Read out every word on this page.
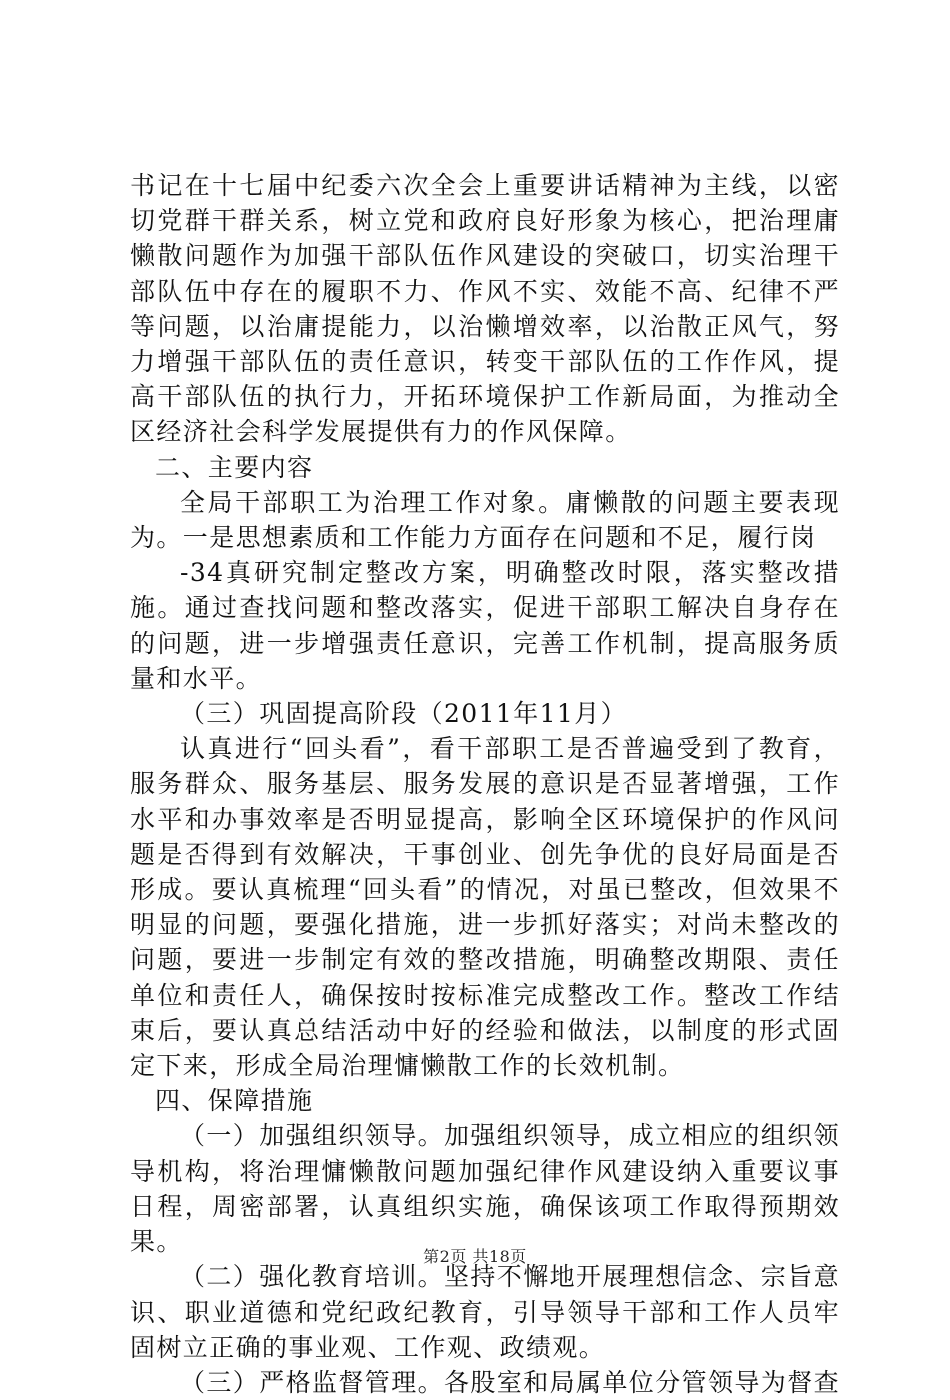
书记在十七届中纪委六次全会上重要讲话精神为主线，以密切党群干群关系，树立党和政府良好形象为核心，把治理庸懒散问题作为加强干部队伍作风建设的突破口，切实治理干部队伍中存在的履职不力、作风不实、效能不高、纪律不严等问题，以治庸提能力，以治懒增效率，以治散正风气，努力增强干部队伍的责任意识，转变干部队伍的工作作风，提高干部队伍的执行力，开拓环境保护工作新局面，为推动全区经济社会科学发展提供有力的作风保障。

二、主要内容

全局干部职工为治理工作对象。庸懒散的问题主要表现为。一是思想素质和工作能力方面存在问题和不足，履行岗

-34真研究制定整改方案，明确整改时限，落实整改措施。通过查找问题和整改落实，促进干部职工解决自身存在的问题，进一步增强责任意识，完善工作机制，提高服务质量和水平。

（三）巩固提高阶段（2011年11月）

认真进行“回头看”，看干部职工是否普遍受到了教育，服务群众、服务基层、服务发展的意识是否显著增强，工作水平和办事效率是否明显提高，影响全区环境保护的作风问题是否得到有效解决，干事创业、创先争优的良好局面是否形成。要认真梳理“回头看”的情况，对虽已整改，但效果不明显的问题，要强化措施，进一步抓好落实；对尚未整改的问题，要进一步制定有效的整改措施，明确整改期限、责任单位和责任人，确保按时按标准完成整改工作。整改工作结束后，要认真总结活动中好的经验和做法，以制度的形式固定下来，形成全局治理慵懒散工作的长效机制。

四、保障措施

（一）加强组织领导。加强组织领导，成立相应的组织领导机构，将治理慵懒散问题加强纪律作风建设纳入重要议事日程，周密部署，认真组织实施，确保该项工作取得预期效果。

（二）强化教育培训。坚持不懈地开展理想信念、宗旨意识、职业道德和党纪政纪教育，引导领导干部和工作人员牢固树立正确的事业观、工作观、政绩观。

（三）严格监督管理。各股室和局属单位分管领导为督查

第2页 共18页
